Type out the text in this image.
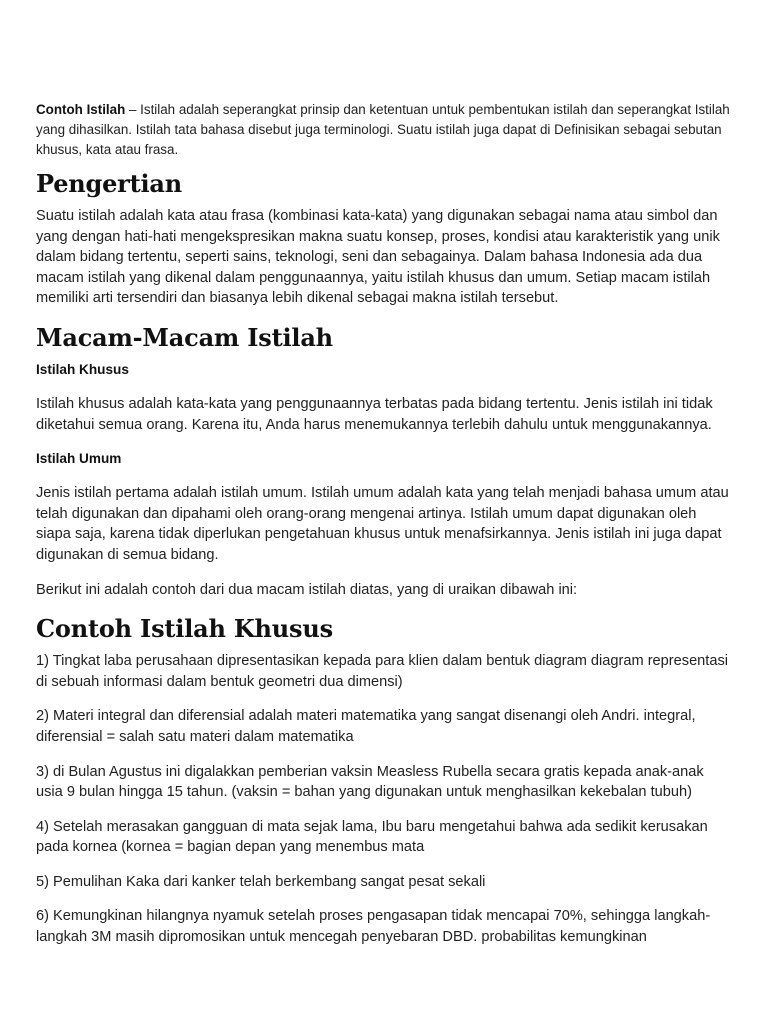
Contoh Istilah – Istilah adalah seperangkat prinsip dan ketentuan untuk pembentukan istilah dan seperangkat Istilah yang dihasilkan. Istilah tata bahasa disebut juga terminologi. Suatu istilah juga dapat di Definisikan sebagai sebutan khusus, kata atau frasa.

Pengertian

Suatu istilah adalah kata atau frasa (kombinasi kata-kata) yang digunakan sebagai nama atau simbol dan yang dengan hati-hati mengekspresikan makna suatu konsep, proses, kondisi atau karakteristik yang unik dalam bidang tertentu, seperti sains, teknologi, seni dan sebagainya. Dalam bahasa Indonesia ada dua macam istilah yang dikenal dalam penggunaannya, yaitu istilah khusus dan umum. Setiap macam istilah memiliki arti tersendiri dan biasanya lebih dikenal sebagai makna istilah tersebut.

Macam-Macam Istilah

Istilah Khusus

Istilah khusus adalah kata-kata yang penggunaannya terbatas pada bidang tertentu. Jenis istilah ini tidak diketahui semua orang. Karena itu, Anda harus menemukannya terlebih dahulu untuk menggunakannya.

Istilah Umum

Jenis istilah pertama adalah istilah umum. Istilah umum adalah kata yang telah menjadi bahasa umum atau telah digunakan dan dipahami oleh orang-orang mengenai artinya. Istilah umum dapat digunakan oleh siapa saja, karena tidak diperlukan pengetahuan khusus untuk menafsirkannya. Jenis istilah ini juga dapat digunakan di semua bidang.

Berikut ini adalah contoh dari dua macam istilah diatas, yang di uraikan dibawah ini:

Contoh Istilah Khusus

1) Tingkat laba perusahaan dipresentasikan kepada para klien dalam bentuk diagram diagram representasi di sebuah informasi dalam bentuk geometri dua dimensi)

2) Materi integral dan diferensial adalah materi matematika yang sangat disenangi oleh Andri. integral, diferensial = salah satu materi dalam matematika

3) di Bulan Agustus ini digalakkan pemberian vaksin Measless Rubella secara gratis kepada anak-anak usia 9 bulan hingga 15 tahun. (vaksin = bahan yang digunakan untuk menghasilkan kekebalan tubuh)

4) Setelah merasakan gangguan di mata sejak lama, Ibu baru mengetahui bahwa ada sedikit kerusakan pada kornea (kornea = bagian depan yang menembus mata

5) Pemulihan Kaka dari kanker telah berkembang sangat pesat sekali

6) Kemungkinan hilangnya nyamuk setelah proses pengasapan tidak mencapai 70%, sehingga langkah-langkah 3M masih dipromosikan untuk mencegah penyebaran DBD. probabilitas kemungkinan
